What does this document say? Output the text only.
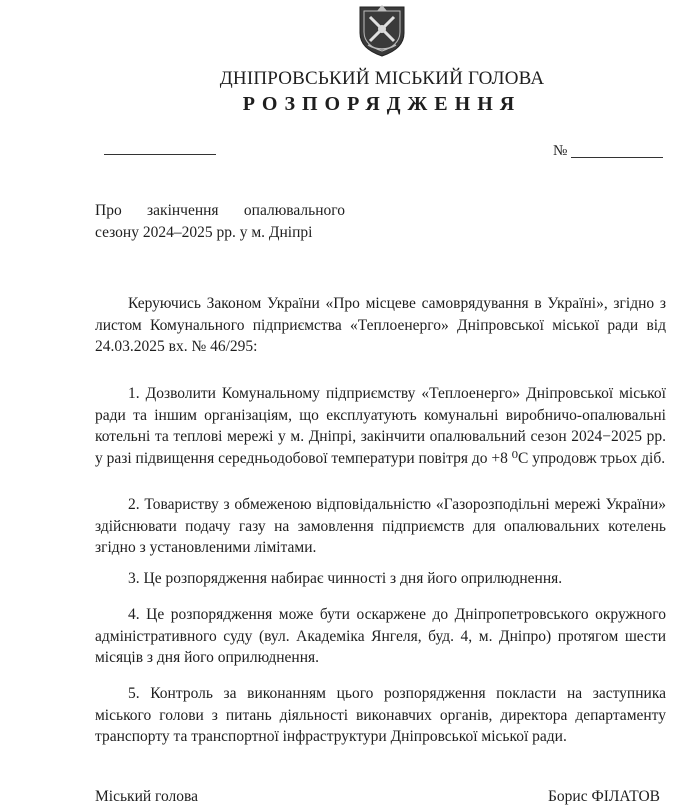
ДНІПРОВСЬКИЙ МІСЬКИЙ ГОЛОВА
РОЗПОРЯДЖЕННЯ
№
Про закінчення опалювального сезону 2024–2025 рр. у м. Дніпрі
Керуючись Законом України «Про місцеве самоврядування в Україні», згідно з листом Комунального підприємства «Теплоенерго» Дніпровської міської ради від 24.03.2025 вх. № 46/295:
1. Дозволити Комунальному підприємству «Теплоенерго» Дніпровської міської ради та іншим організаціям, що експлуатують комунальні виробничо-опалювальні котельні та теплові мережі у м. Дніпрі, закінчити опалювальний сезон 2024−2025 рр. у разі підвищення середньодобової температури повітря до +8 ⁰С упродовж трьох діб.
2. Товариству з обмеженою відповідальністю «Газорозподільні мережі України» здійснювати подачу газу на замовлення підприємств для опалювальних котелень згідно з установленими лімітами.
3. Це розпорядження набирає чинності з дня його оприлюднення.
4. Це розпорядження може бути оскаржене до Дніпропетровського окружного адміністративного суду (вул. Академіка Янгеля, буд. 4, м. Дніпро) протягом шести місяців з дня його оприлюднення.
5. Контроль за виконанням цього розпорядження покласти на заступника міського голови з питань діяльності виконавчих органів, директора департаменту транспорту та транспортної інфраструктури Дніпровської міської ради.
Міський голова	Борис ФІЛАТОВ
